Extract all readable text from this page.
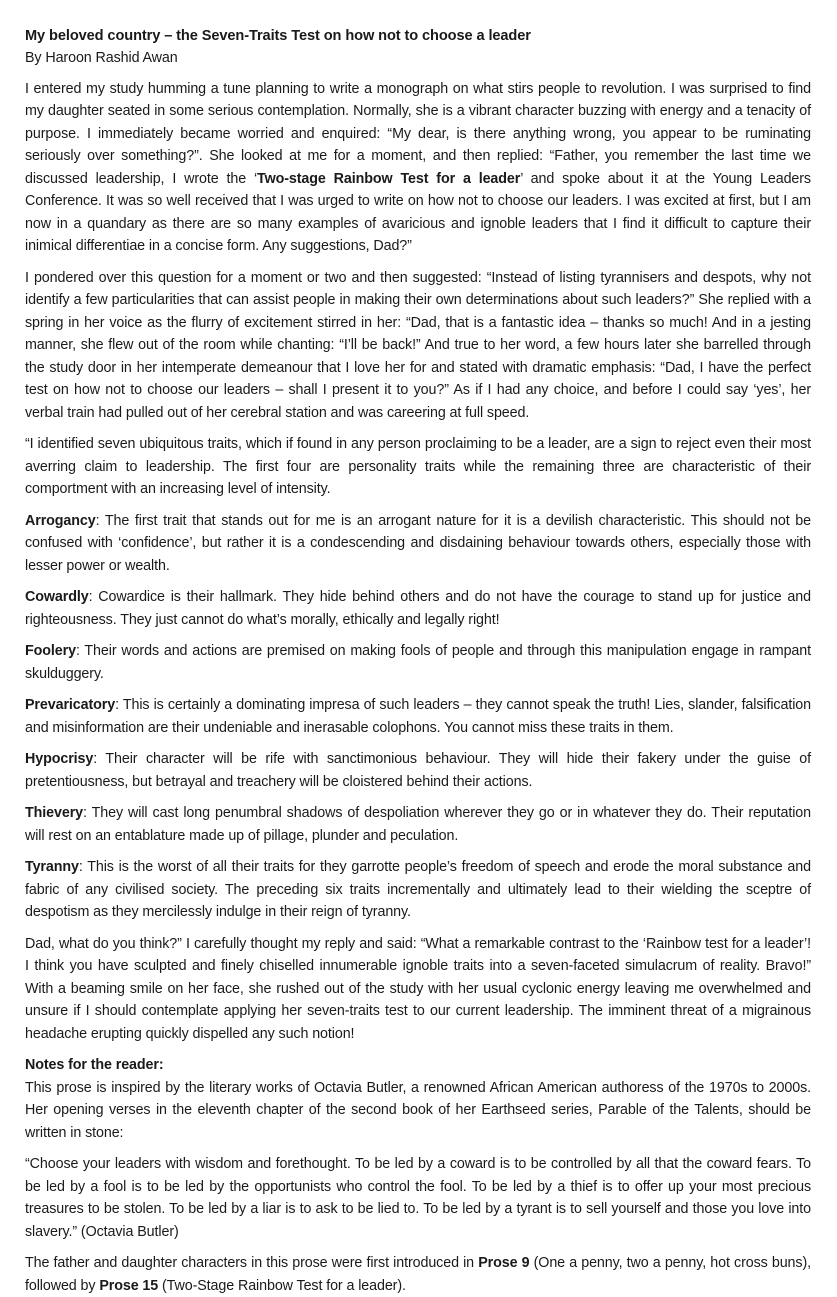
My beloved country – the Seven-Traits Test on how not to choose a leader
By Haroon Rashid Awan

I entered my study humming a tune planning to write a monograph on what stirs people to revolution. I was surprised to find my daughter seated in some serious contemplation. Normally, she is a vibrant character buzzing with energy and a tenacity of purpose. I immediately became worried and enquired: “My dear, is there anything wrong, you appear to be ruminating seriously over something?”. She looked at me for a moment, and then replied: “Father, you remember the last time we discussed leadership, I wrote the ‘Two-stage Rainbow Test for a leader’ and spoke about it at the Young Leaders Conference. It was so well received that I was urged to write on how not to choose our leaders. I was excited at first, but I am now in a quandary as there are so many examples of avaricious and ignoble leaders that I find it difficult to capture their inimical differentiae in a concise form. Any suggestions, Dad?”

I pondered over this question for a moment or two and then suggested: “Instead of listing tyrannisers and despots, why not identify a few particularities that can assist people in making their own determinations about such leaders?” She replied with a spring in her voice as the flurry of excitement stirred in her: “Dad, that is a fantastic idea – thanks so much! And in a jesting manner, she flew out of the room while chanting: “I’ll be back!” And true to her word, a few hours later she barrelled through the study door in her intemperate demeanour that I love her for and stated with dramatic emphasis: “Dad, I have the perfect test on how not to choose our leaders – shall I present it to you?” As if I had any choice, and before I could say ‘yes’, her verbal train had pulled out of her cerebral station and was careering at full speed.

“I identified seven ubiquitous traits, which if found in any person proclaiming to be a leader, are a sign to reject even their most averring claim to leadership. The first four are personality traits while the remaining three are characteristic of their comportment with an increasing level of intensity.

Arrogancy: The first trait that stands out for me is an arrogant nature for it is a devilish characteristic. This should not be confused with ‘confidence’, but rather it is a condescending and disdaining behaviour towards others, especially those with lesser power or wealth.

Cowardly: Cowardice is their hallmark. They hide behind others and do not have the courage to stand up for justice and righteousness. They just cannot do what’s morally, ethically and legally right!

Foolery: Their words and actions are premised on making fools of people and through this manipulation engage in rampant skulduggery.

Prevaricatory: This is certainly a dominating impresa of such leaders – they cannot speak the truth! Lies, slander, falsification and misinformation are their undeniable and inerasable colophons. You cannot miss these traits in them.

Hypocrisy: Their character will be rife with sanctimonious behaviour. They will hide their fakery under the guise of pretentiousness, but betrayal and treachery will be cloistered behind their actions.

Thievery: They will cast long penumbral shadows of despoliation wherever they go or in whatever they do. Their reputation will rest on an entablature made up of pillage, plunder and peculation.

Tyranny: This is the worst of all their traits for they garrotte people’s freedom of speech and erode the moral substance and fabric of any civilised society. The preceding six traits incrementally and ultimately lead to their wielding the sceptre of despotism as they mercilessly indulge in their reign of tyranny.

Dad, what do you think?” I carefully thought my reply and said: “What a remarkable contrast to the ‘Rainbow test for a leader’! I think you have sculpted and finely chiselled innumerable ignoble traits into a seven-faceted simulacrum of reality. Bravo!” With a beaming smile on her face, she rushed out of the study with her usual cyclonic energy leaving me overwhelmed and unsure if I should contemplate applying her seven-traits test to our current leadership. The imminent threat of a migrainous headache erupting quickly dispelled any such notion!

Notes for the reader:

This prose is inspired by the literary works of Octavia Butler, a renowned African American authoress of the 1970s to 2000s. Her opening verses in the eleventh chapter of the second book of her Earthseed series, Parable of the Talents, should be written in stone:

“Choose your leaders with wisdom and forethought. To be led by a coward is to be controlled by all that the coward fears. To be led by a fool is to be led by the opportunists who control the fool. To be led by a thief is to offer up your most precious treasures to be stolen. To be led by a liar is to ask to be lied to. To be led by a tyrant is to sell yourself and those you love into slavery.” (Octavia Butler)

The father and daughter characters in this prose were first introduced in Prose 9 (One a penny, two a penny, hot cross buns), followed by Prose 15 (Two-Stage Rainbow Test for a leader).
